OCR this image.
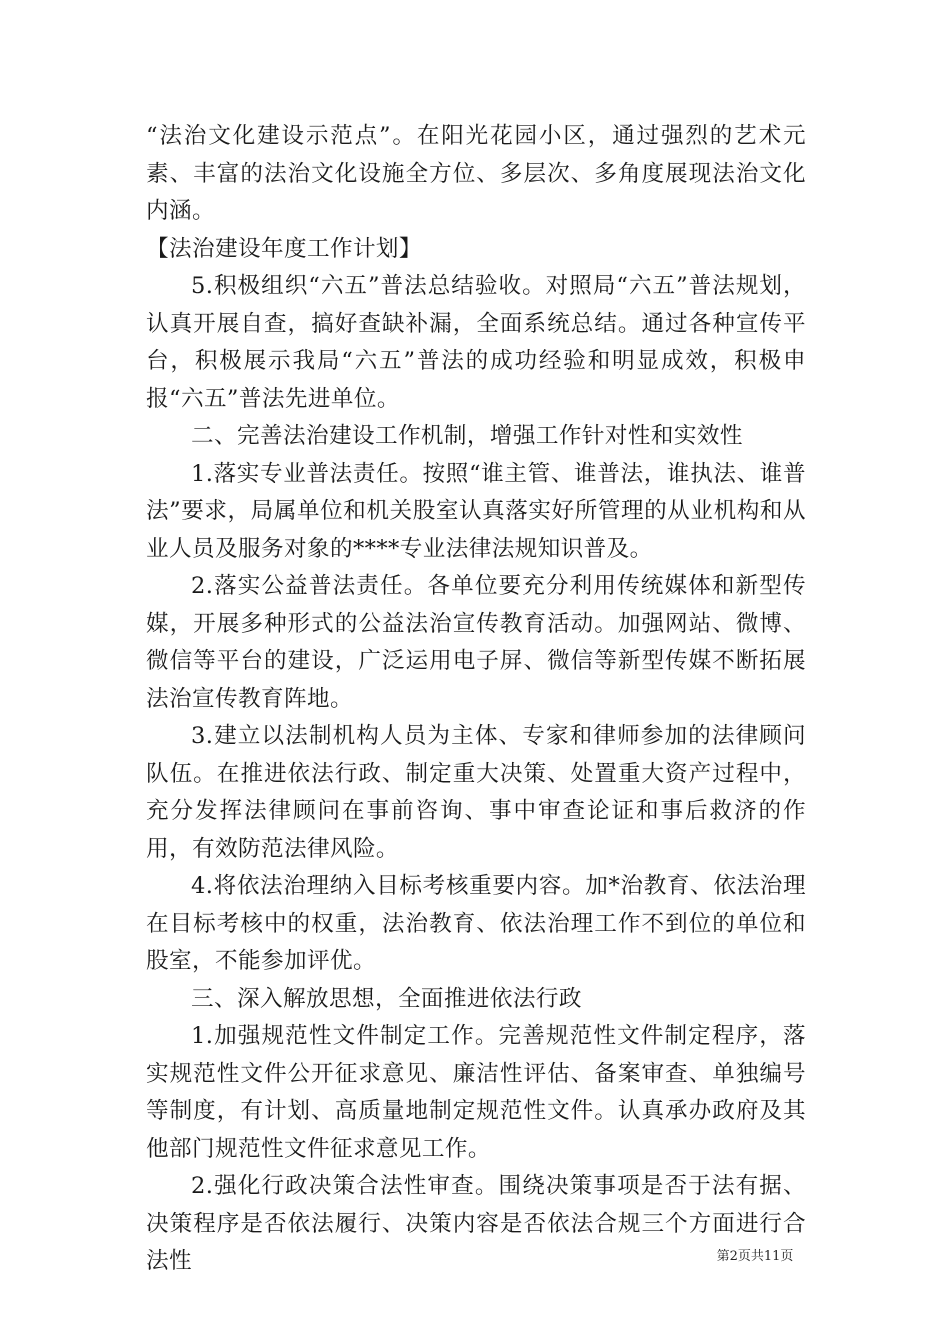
“法治文化建设示范点”。在阳光花园小区，通过强烈的艺术元素、丰富的法治文化设施全方位、多层次、多角度展现法治文化内涵。

【法治建设年度工作计划】

5.积极组织“六五”普法总结验收。对照局“六五”普法规划，认真开展自查，搞好查缺补漏，全面系统总结。通过各种宣传平台，积极展示我局“六五”普法的成功经验和明显成效，积极申报“六五”普法先进单位。

二、完善法治建设工作机制，增强工作针对性和实效性

1.落实专业普法责任。按照“谁主管、谁普法，谁执法、谁普法”要求，局属单位和机关股室认真落实好所管理的从业机构和从业人员及服务对象的****专业法律法规知识普及。

2.落实公益普法责任。各单位要充分利用传统媒体和新型传媒，开展多种形式的公益法治宣传教育活动。加强网站、微博、微信等平台的建设，广泛运用电子屏、微信等新型传媒不断拓展法治宣传教育阵地。

3.建立以法制机构人员为主体、专家和律师参加的法律顾问队伍。在推进依法行政、制定重大决策、处置重大资产过程中，充分发挥法律顾问在事前咨询、事中审查论证和事后救济的作用，有效防范法律风险。

4.将依法治理纳入目标考核重要内容。加*治教育、依法治理在目标考核中的权重，法治教育、依法治理工作不到位的单位和股室，不能参加评优。

三、深入解放思想，全面推进依法行政

1.加强规范性文件制定工作。完善规范性文件制定程序，落实规范性文件公开征求意见、廉洁性评估、备案审查、单独编号等制度，有计划、高质量地制定规范性文件。认真承办政府及其他部门规范性文件征求意见工作。

2.强化行政决策合法性审查。围绕决策事项是否于法有据、决策程序是否依法履行、决策内容是否依法合规三个方面进行合法性	第2页共11页
